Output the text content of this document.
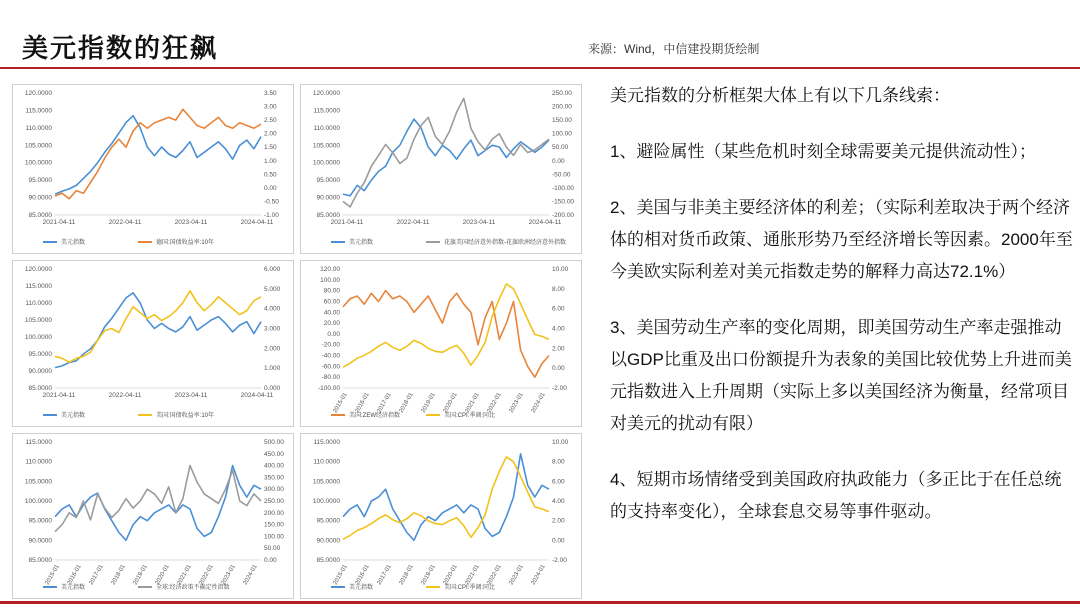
美元指数的狂飙	来源：Wind，中信建投期货绘制
120.0000
115.0000
110.0000
105.0000
100.0000
95.0000
90.0000
85.0000
3.50
3.00
2.50
2.00
1.50
1.00
0.50
0.00
-0.50
-1.00
2021-04-11	2022-04-11	2023-04-11	2024-04-11
美元指数	德国:国债收益率:10年
120.0000
115.0000
110.0000
105.0000
100.0000
95.0000
90.0000
85.0000
250.00
200.00
150.00
100.00
50.00
0.00
-50.00
-100.00
-150.00
-200.00
2021-04-11	2022-04-11	2023-04-11	2024-04-11
美元指数	花旗美国经济意外指数-花旗欧洲经济意外指数
120.0000
115.0000
110.0000
105.0000
100.0000
95.0000
90.0000
85.0000
6.000
5.000
4.000
3.000
2.000
1.000
0.000
2021-04-11	2022-04-11	2023-04-11	2024-04-11
美元指数	美国:国债收益率:10年
120.00
100.00
80.00
60.00
40.00
20.00
0.00
-20.00
-40.00
-60.00
-80.00
-100.00
10.00
8.00
6.00
4.00
2.00
0.00
-2.00
2015-01 2016-01 2017-01 2018-01 2019-01 2020-01 2021-01 2022-01 2023-01 2024-01
美国:ZEW经济指数	美国:CPI:季调:同比
115.0000
110.0000
105.0000
100.0000
95.0000
90.0000
85.0000
500.00
450.00
400.00
350.00
300.00
250.00
200.00
150.00
100.00
50.00
0.00
2015-01 2016-01 2017-01 2018-01 2019-01 2020-01 2021-01 2022-01 2023-01 2024-01
美元指数	全球:经济政策不确定性指数
115.0000
110.0000
105.0000
100.0000
95.0000
90.0000
85.0000
10.00
8.00
6.00
4.00
2.00
0.00
-2.00
2015-01 2016-01 2017-01 2018-01 2019-01 2020-01 2021-01 2022-01 2023-01 2024-01
美元指数	美国:CPI:季调:同比

美元指数的分析框架大体上有以下几条线索：

1、避险属性（某些危机时刻全球需要美元提供流动性）；

2、美国与非美主要经济体的利差；（实际利差取决于两个经济体的相对货币政策、通胀形势乃至经济增长等因素。2000年至今美欧实际利差对美元指数走势的解释力高达72.1%）

3、美国劳动生产率的变化周期，即美国劳动生产率走强推动以GDP比重及出口份额提升为表象的美国比较优势上升进而美元指数进入上升周期（实际上多以美国经济为衡量，经常项目对美元的扰动有限）

4、短期市场情绪受到美国政府执政能力（多正比于在任总统的支持率变化），全球套息交易等事件驱动。
